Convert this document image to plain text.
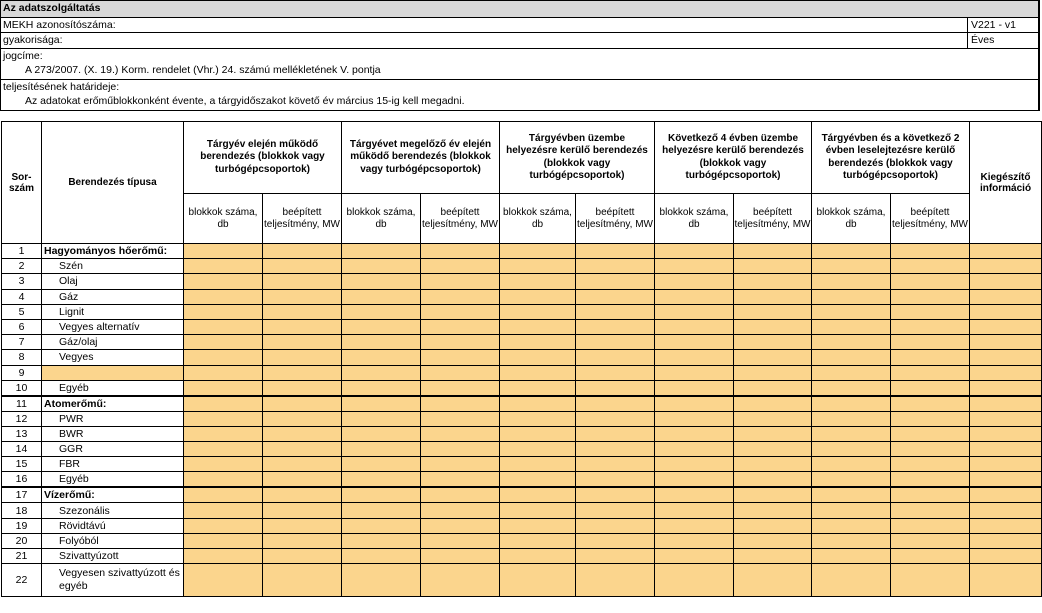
Az adatszolgáltatás
MEKH azonosítószáma:	V221 - v1
gyakorisága:	Éves
jogcíme:
A 273/2007. (X. 19.) Korm. rendelet (Vhr.) 24. számú mellékletének V. pontja
teljesítésének határideje:
Az adatokat erőműblokkonként évente, a tárgyidőszakot követő év március 15-ig kell megadni.
Sor-szám	Berendezés típusa	Tárgyév elején működő berendezés (blokkok vagy turbógépcsoportok)		Tárgyévet megelőző év elején működő berendezés (blokkok vagy turbógépcsoportok)		Tárgyévben üzembe helyezésre kerülő berendezés (blokkok vagy turbógépcsoportok)		Következő 4 évben üzembe helyezésre kerülő berendezés (blokkok vagy turbógépcsoportok)		Tárgyévben és a következő 2 évben leselejtezésre kerülő berendezés (blokkok vagy turbógépcsoportok)		Kiegészítő információ
		blokkok száma, db	beépített teljesítmény, MW	blokkok száma, db	beépített teljesítmény, MW	blokkok száma, db	beépített teljesítmény, MW	blokkok száma, db	beépített teljesítmény, MW	blokkok száma, db	beépített teljesítmény, MW	
1	Hagyományos hőerőmű:											
2	Szén											
3	Olaj											
4	Gáz											
5	Lignit											
6	Vegyes alternatív											
7	Gáz/olaj											
8	Vegyes											
9												
10	Egyéb											
11	Atomerőmű:											
12	PWR											
13	BWR											
14	GGR											
15	FBR											
16	Egyéb											
17	Vízerőmű:											
18	Szezonális											
19	Rövidtávú											
20	Folyóból											
21	Szivattyúzott											
22	Vegyesen szivattyúzott és egyéb											
